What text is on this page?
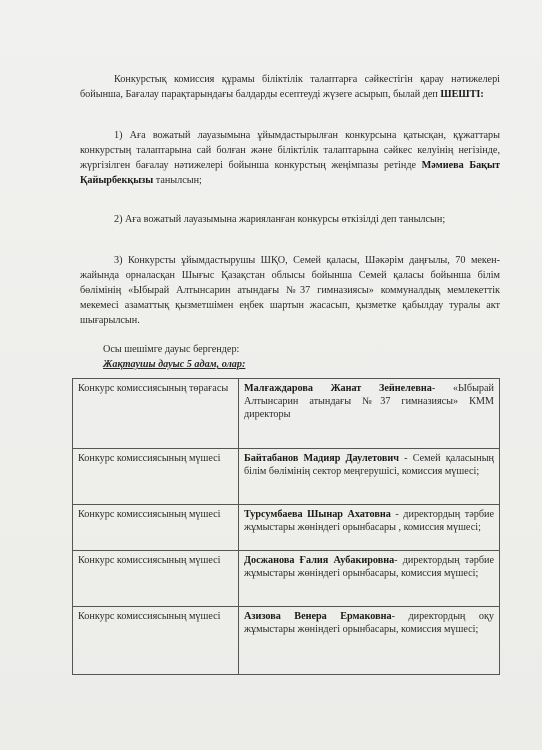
Конкурстық комиссия құрамы біліктілік талаптарға сәйкестігін қарау нәтижелері бойынша, Бағалау парақтарындағы балдарды есептеуді жүзеге асырып, былай деп ШЕШТІ:
1) Аға вожатый лауазымына ұйымдастырылған конкурсына қатысқан, құжаттары конкурстың талаптарына сай болған және біліктілік талаптарына сәйкес келуінің негізінде, жүргізілген бағалау нәтижелері бойынша конкурстың жеңімпазы ретінде Мәмиева Бақыт Қайырбекқызы танылсын;
2) Аға вожатый лауазымына жарияланған конкурсы өткізілді деп танылсын;
3) Конкурсты ұйымдастырушы ШҚО, Семей қаласы, Шәкәрім даңғылы, 70 мекен-жайында орналасқан Шығыс Қазақстан облысы бойынша Семей қаласы бойынша білім бөлімінің «Ыбырай Алтынсарин атындағы №37 гимназиясы» коммуналдық мемлекеттік мекемесі азаматтық қызметшімен еңбек шартын жасасып, қызметке қабылдау туралы акт шығарылсын.
Осы шешімге дауыс бергендер:
Жақтаушы дауыс 5 адам, олар:
Конкурс комиссиясының төрағасы	Малғаждарова Жанат Зейнелевна- «Ыбырай Алтынсарин атындағы №37 гимназиясы» КММ директоры
Конкурс комиссиясының мүшесі	Байтабанов Мадияр Даулетович - Семей қаласының білім бөлімінің сектор меңгерушісі, комиссия мүшесі;
Конкурс комиссиясының мүшесі	Турсумбаева Шынар Ахатовна - директордың тәрбие жұмыстары жөніндегі орынбасары , комиссия мүшесі;
Конкурс комиссиясының мүшесі	Досжанова Ғалия Аубакировна- директордың тәрбие жұмыстары жөніндегі орынбасары, комиссия мүшесі;
Конкурс комиссиясының мүшесі	Азизова Венера Ермаковна- директордың оқу жұмыстары жөніндегі орынбасары, комиссия мүшесі;
